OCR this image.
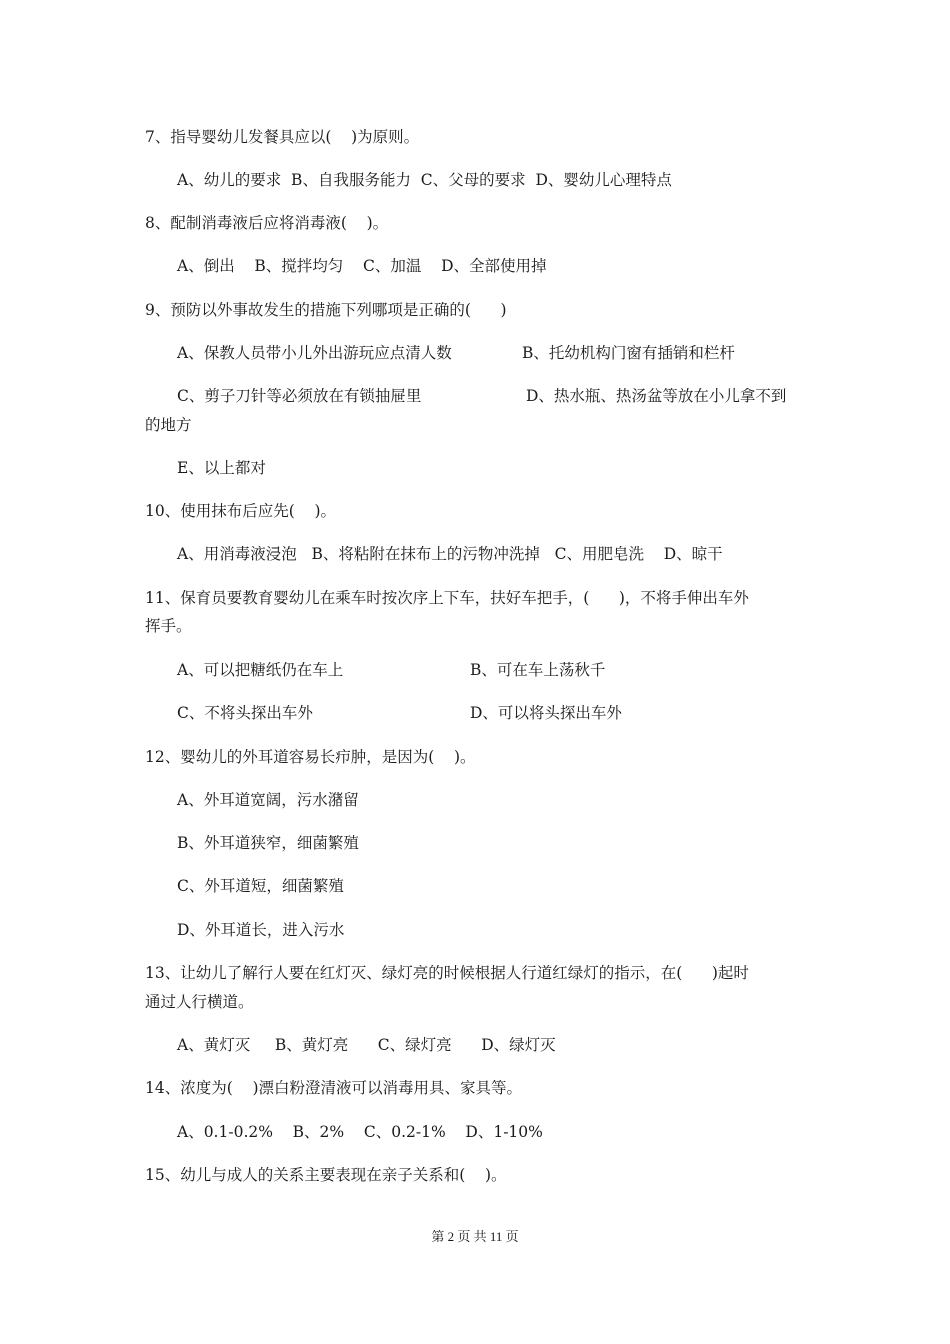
7、指导婴幼儿发餐具应以(    )为原则。
A、幼儿的要求  B、自我服务能力  C、父母的要求  D、婴幼儿心理特点
8、配制消毒液后应将消毒液(    )。
A、倒出    B、搅拌均匀    C、加温    D、全部使用掉
9、预防以外事故发生的措施下列哪项是正确的(      )
A、保教人员带小儿外出游玩应点清人数	B、托幼机构门窗有插销和栏杆
C、剪子刀针等必须放在有锁抽屉里	D、热水瓶、热汤盆等放在小儿拿不到
的地方
E、以上都对
10、使用抹布后应先(    )。
A、用消毒液浸泡   B、将粘附在抹布上的污物冲洗掉   C、用肥皂洗    D、晾干
11、保育员要教育婴幼儿在乘车时按次序上下车，扶好车把手，(      )，不将手伸出车外
挥手。
A、可以把糖纸仍在车上	B、可在车上荡秋千
C、不将头探出车外	D、可以将头探出车外
12、婴幼儿的外耳道容易长疖肿，是因为(    )。
A、外耳道宽阔，污水潴留
B、外耳道狭窄，细菌繁殖
C、外耳道短，细菌繁殖
D、外耳道长，进入污水
13、让幼儿了解行人要在红灯灭、绿灯亮的时候根据人行道红绿灯的指示，在(      )起时
通过人行横道。
A、黄灯灭     B、黄灯亮      C、绿灯亮      D、绿灯灭
14、浓度为(    )漂白粉澄清液可以消毒用具、家具等。
A、0.1-0.2%    B、2%    C、0.2-1%    D、1-10%
15、幼儿与成人的关系主要表现在亲子关系和(    )。
第 2 页 共 11 页
